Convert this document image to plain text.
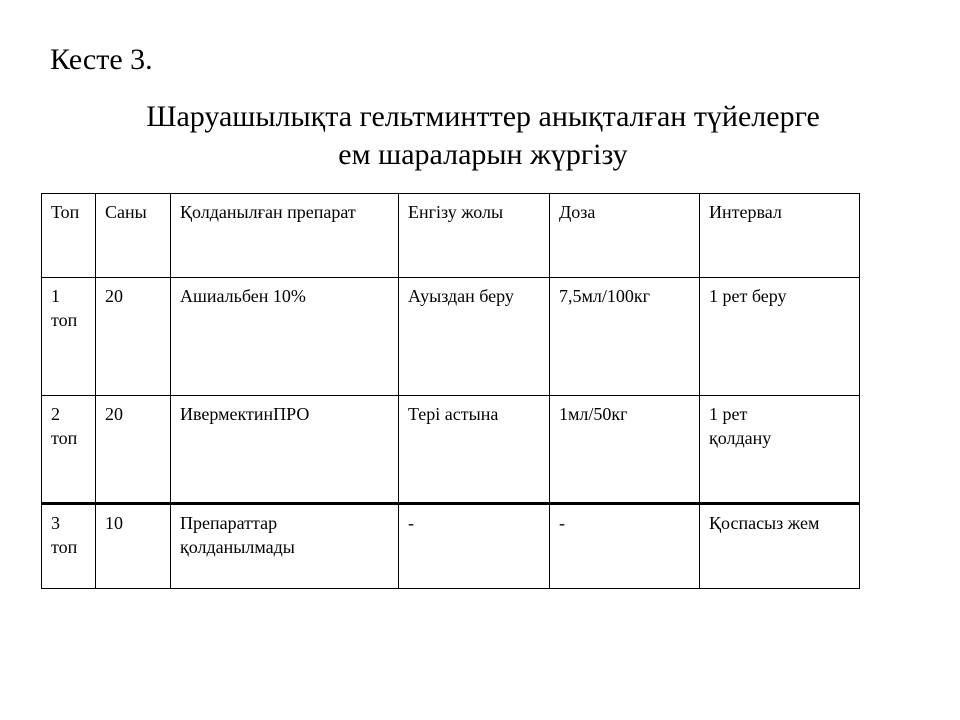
Кесте 3.

Шаруашылықта гельтминттер анықталған түйелерге
ем шараларын жүргізу
Топ	Саны	Қолданылған препарат	Енгізу жолы	Доза	Интервал
1 топ	20	Ашиальбен 10%	Ауыздан беру	7,5мл/100кг	1 рет беру
2 топ	20	ИвермектинПРО	Тері астына	1мл/50кг	1 рет қолдану
3 топ	10	Препараттар қолданылмады	-	-	Қоспасыз жем
